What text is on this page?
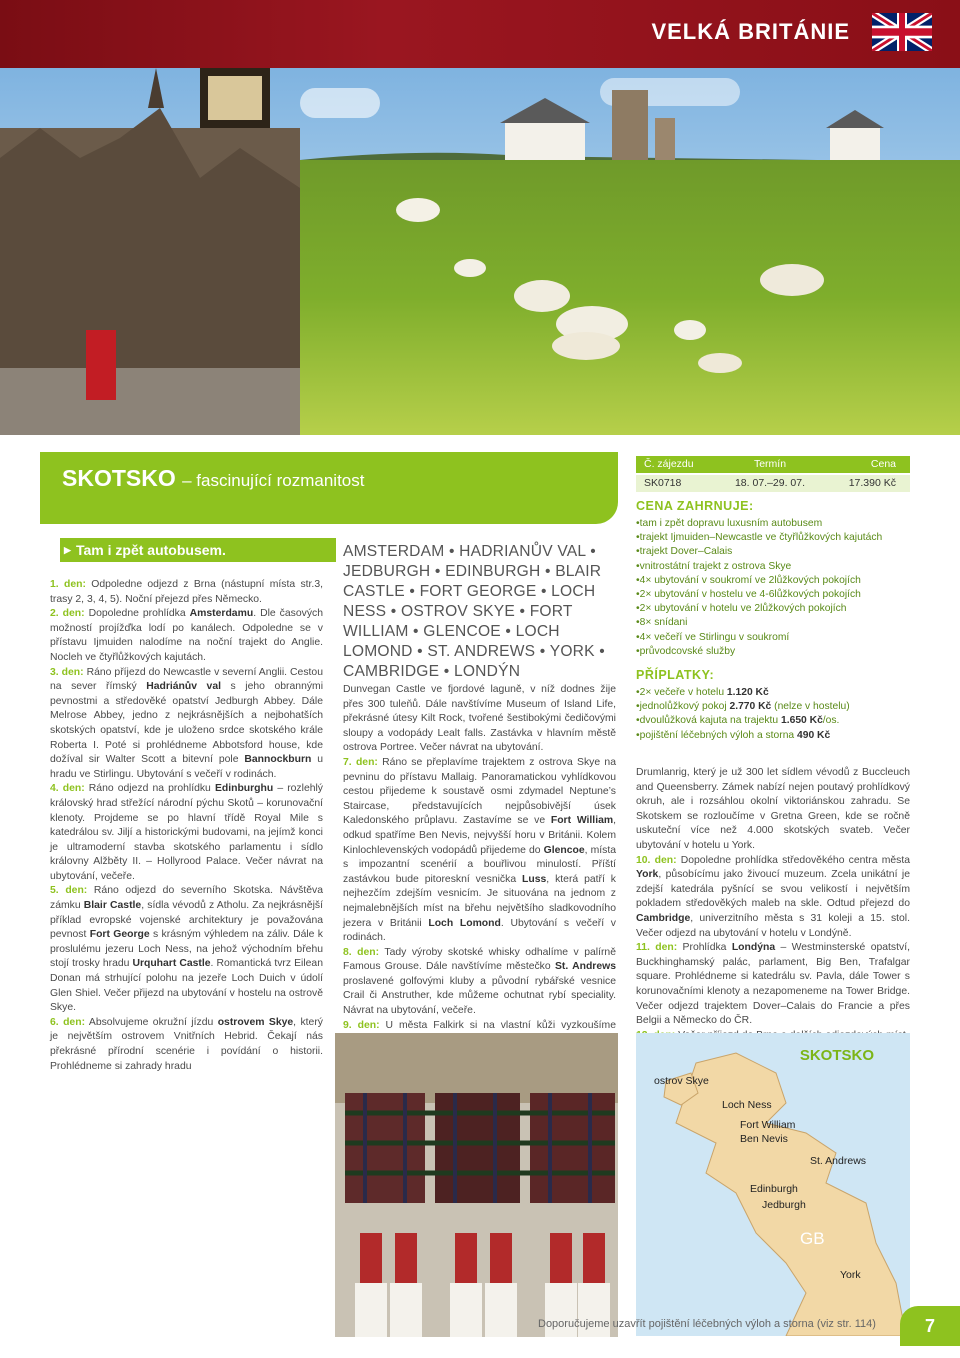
VELKÁ BRITÁNIE
SKOTSKO – fascinující rozmanitost
▶ Tam i zpět autobusem.

1. den: Odpoledne odjezd z Brna (nástupní místa str.3, trasy 2, 3, 4, 5). Noční přejezd přes Německo.

2. den: Dopoledne prohlídka Amsterdamu. Dle časových možností projížďka lodí po kanálech. Odpoledne se v přístavu Ijmuiden nalodíme na noční trajekt do Anglie. Nocleh ve čtyřlůžkových kajutách.

3. den: Ráno příjezd do Newcastle v severní Anglii. Cestou na sever římský Hadriánův val s jeho obrannými pevnostmi a středověké opatství Jedburgh Abbey. Dále Melrose Abbey, jedno z nejkrásnějších a nejbohatších skotských opatství, kde je uloženo srdce skotského krále Roberta I. Poté si prohlédneme Abbotsford house, kde dožíval sir Walter Scott a bitevní pole Bannockburn u hradu ve Stirlingu. Ubytování s večeří v rodinách.

4. den: Ráno odjezd na prohlídku Edinburghu – rozlehlý královský hrad střežící národní pýchu Skotů – korunovační klenoty. Projdeme se po hlavní třídě Royal Mile s katedrálou sv. Jiljí a historickými budovami, na jejímž konci je ultramoderní stavba skotského parlamentu i sídlo královny Alžběty II. – Hollyrood Palace. Večer návrat na ubytování, večeře.

5. den: Ráno odjezd do severního Skotska. Návštěva zámku Blair Castle, sídla vévodů z Atholu. Za nejkrásnější příklad evropské vojenské architektury je považována pevnost Fort George s krásným výhledem na záliv. Dále k proslulému jezeru Loch Ness, na jehož východním břehu stojí trosky hradu Urquhart Castle. Romantická tvrz Eilean Donan má strhující polohu na jezeře Loch Duich v údolí Glen Shiel. Večer přijezd na ubytování v hostelu na ostrově Skye.

6. den: Absolvujeme okružní jízdu ostrovem Skye, který je největším ostrovem Vnitřních Hebrid. Čekají nás překrásné přírodní scenérie i povídání o historii. Prohlédneme si zahrady hradu

AMSTERDAM • HADRIANŮV VAL • JEDBURGH • EDINBURGH • BLAIR CASTLE • FORT GEORGE • LOCH NESS • OSTROV SKYE • FORT WILLIAM • GLENCOE • LOCH LOMOND • ST. ANDREWS • YORK • CAMBRIDGE • LONDÝN

Dunvegan Castle ve fjordové laguně, v níž dodnes žije přes 300 tuleňů. Dále navštívíme Museum of Island Life, překrásné útesy Kilt Rock, tvořené šestibokými čedičovými sloupy a vodopády Lealt falls. Zastávka v hlavním městě ostrova Portree. Večer návrat na ubytování.

7. den: Ráno se přeplavíme trajektem z ostrova Skye na pevninu do přístavu Mallaig. Panoramatickou vyhlídkovou cestou přijedeme k soustavě osmi zdymadel Neptune’s Staircase, představujících nejpůsobivější úsek Kaledonského průplavu. Zastavíme se ve Fort William, odkud spatříme Ben Nevis, nejvyšší horu v Británii. Kolem Kinlochlevenských vodopádů přijedeme do Glencoe, místa s impozantní scenérií a bouřlivou minulostí. Příští zastávkou bude pitoreskní vesnička Luss, která patří k nejhezčím zdejším vesnicím. Je situována na jednom z nejmalebnějších míst na břehu největšího sladkovodního jezera v Británii Loch Lomond. Ubytování s večeří v rodinách.

8. den: Tady výroby skotské whisky odhalíme v palírně Famous Grouse. Dále navštívíme městečko St. Andrews proslavené golfovými kluby a původní rybářské vesnice Crail či Anstruther, kde můžeme ochutnat rybí speciality. Návrat na ubytování, večeře.

9. den: U města Falkirk si na vlastní kůži vyzkoušíme

Č. zájezdu	Termín	Cena
SK0718	18. 07.–29. 07.	17.390 Kč
CENA ZAHRNUJE:
• tam i zpět dopravu luxusním autobusem
• trajekt Ijmuiden–Newcastle ve čtyřlůžkových kajutách
• trajekt Dover–Calais
• vnitrostátní trajekt z ostrova Skye
• 4× ubytování v soukromí ve 2lůžkových pokojích
• 2× ubytování v hostelu ve 4-6lůžkových pokojích
• 2× ubytování v hotelu ve 2lůžkových pokojích
• 8× snídani
• 4× večeří ve Stirlingu v soukromí
• průvodcovské služby
PŘÍPLATKY:
• 2× večeře v hotelu 1.120 Kč
• jednolůžkový pokoj 2.770 Kč (nelze v hostelu)
• dvoulůžková kajuta na trajektu 1.650 Kč/os.
• pojištění léčebných výloh a storna 490 Kč

Drumlanrig, který je už 300 let sídlem vévodů z Buccleuch and Queensberry. Zámek nabízí nejen poutavý prohlídkový okruh, ale i rozsáhlou okolní viktoriánskou zahradu. Se Skotskem se rozloučíme v Gretna Green, kde se ročně uskuteční více než 4.000 skotských svateb. Večer ubytování v hotelu u York.

10. den: Dopoledne prohlídka středověkého centra města York, působícímu jako živoucí muzeum. Zcela unikátní je zdejší katedrála pyšnící se svou velikostí i největším pokladem středověkých maleb na skle. Odtud přejezd do Cambridge, univerzitního města s 31 koleji a 15. stol. Večer odjezd na ubytování v hotelu v Londýně.

11. den: Prohlídka Londýna – Westminsterské opatství, Buckhinghamský palác, parlament, Big Ben, Trafalgar square. Prohlédneme si katedrálu sv. Pavla, dále Tower s korunovačními klenoty a nezapomeneme na Tower Bridge. Večer odjezd trajektem Dover–Calais do Francie a přes Belgii a Německo do ČR.

SKOTSKO
ostrov Skye
Loch Ness
Fort William
Ben Nevis
St. Andrews
Edinburgh
Jedburgh
York
GB
Doporučujeme uzavřít pojištění léčebných výloh a storna (viz str. 114)	7
